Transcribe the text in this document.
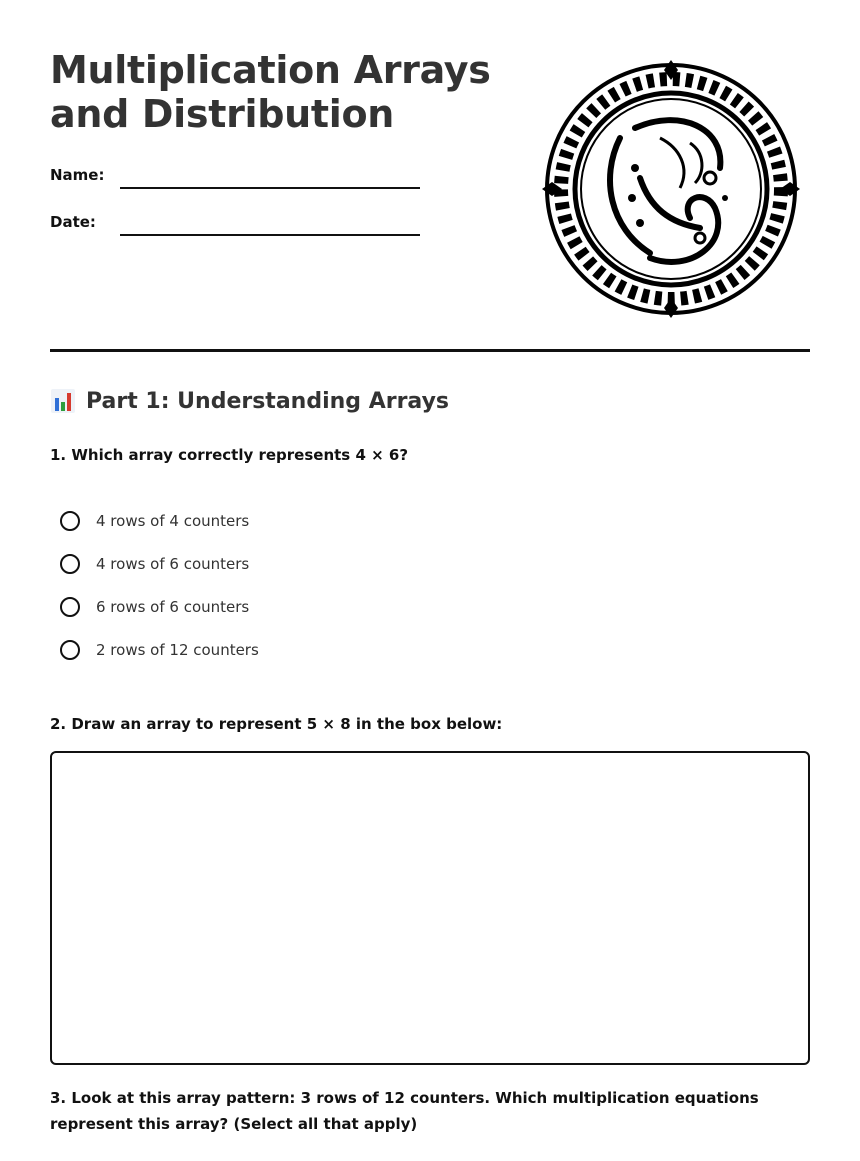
Multiplication Arrays
and Distribution
Name:
Date:
Part 1: Understanding Arrays

1. Which array correctly represents 4 × 6?

4 rows of 4 counters
4 rows of 6 counters
6 rows of 6 counters
2 rows of 12 counters

2. Draw an array to represent 5 × 8 in the box below:

3. Look at this array pattern: 3 rows of 12 counters. Which multiplication equations represent this array? (Select all that apply)
